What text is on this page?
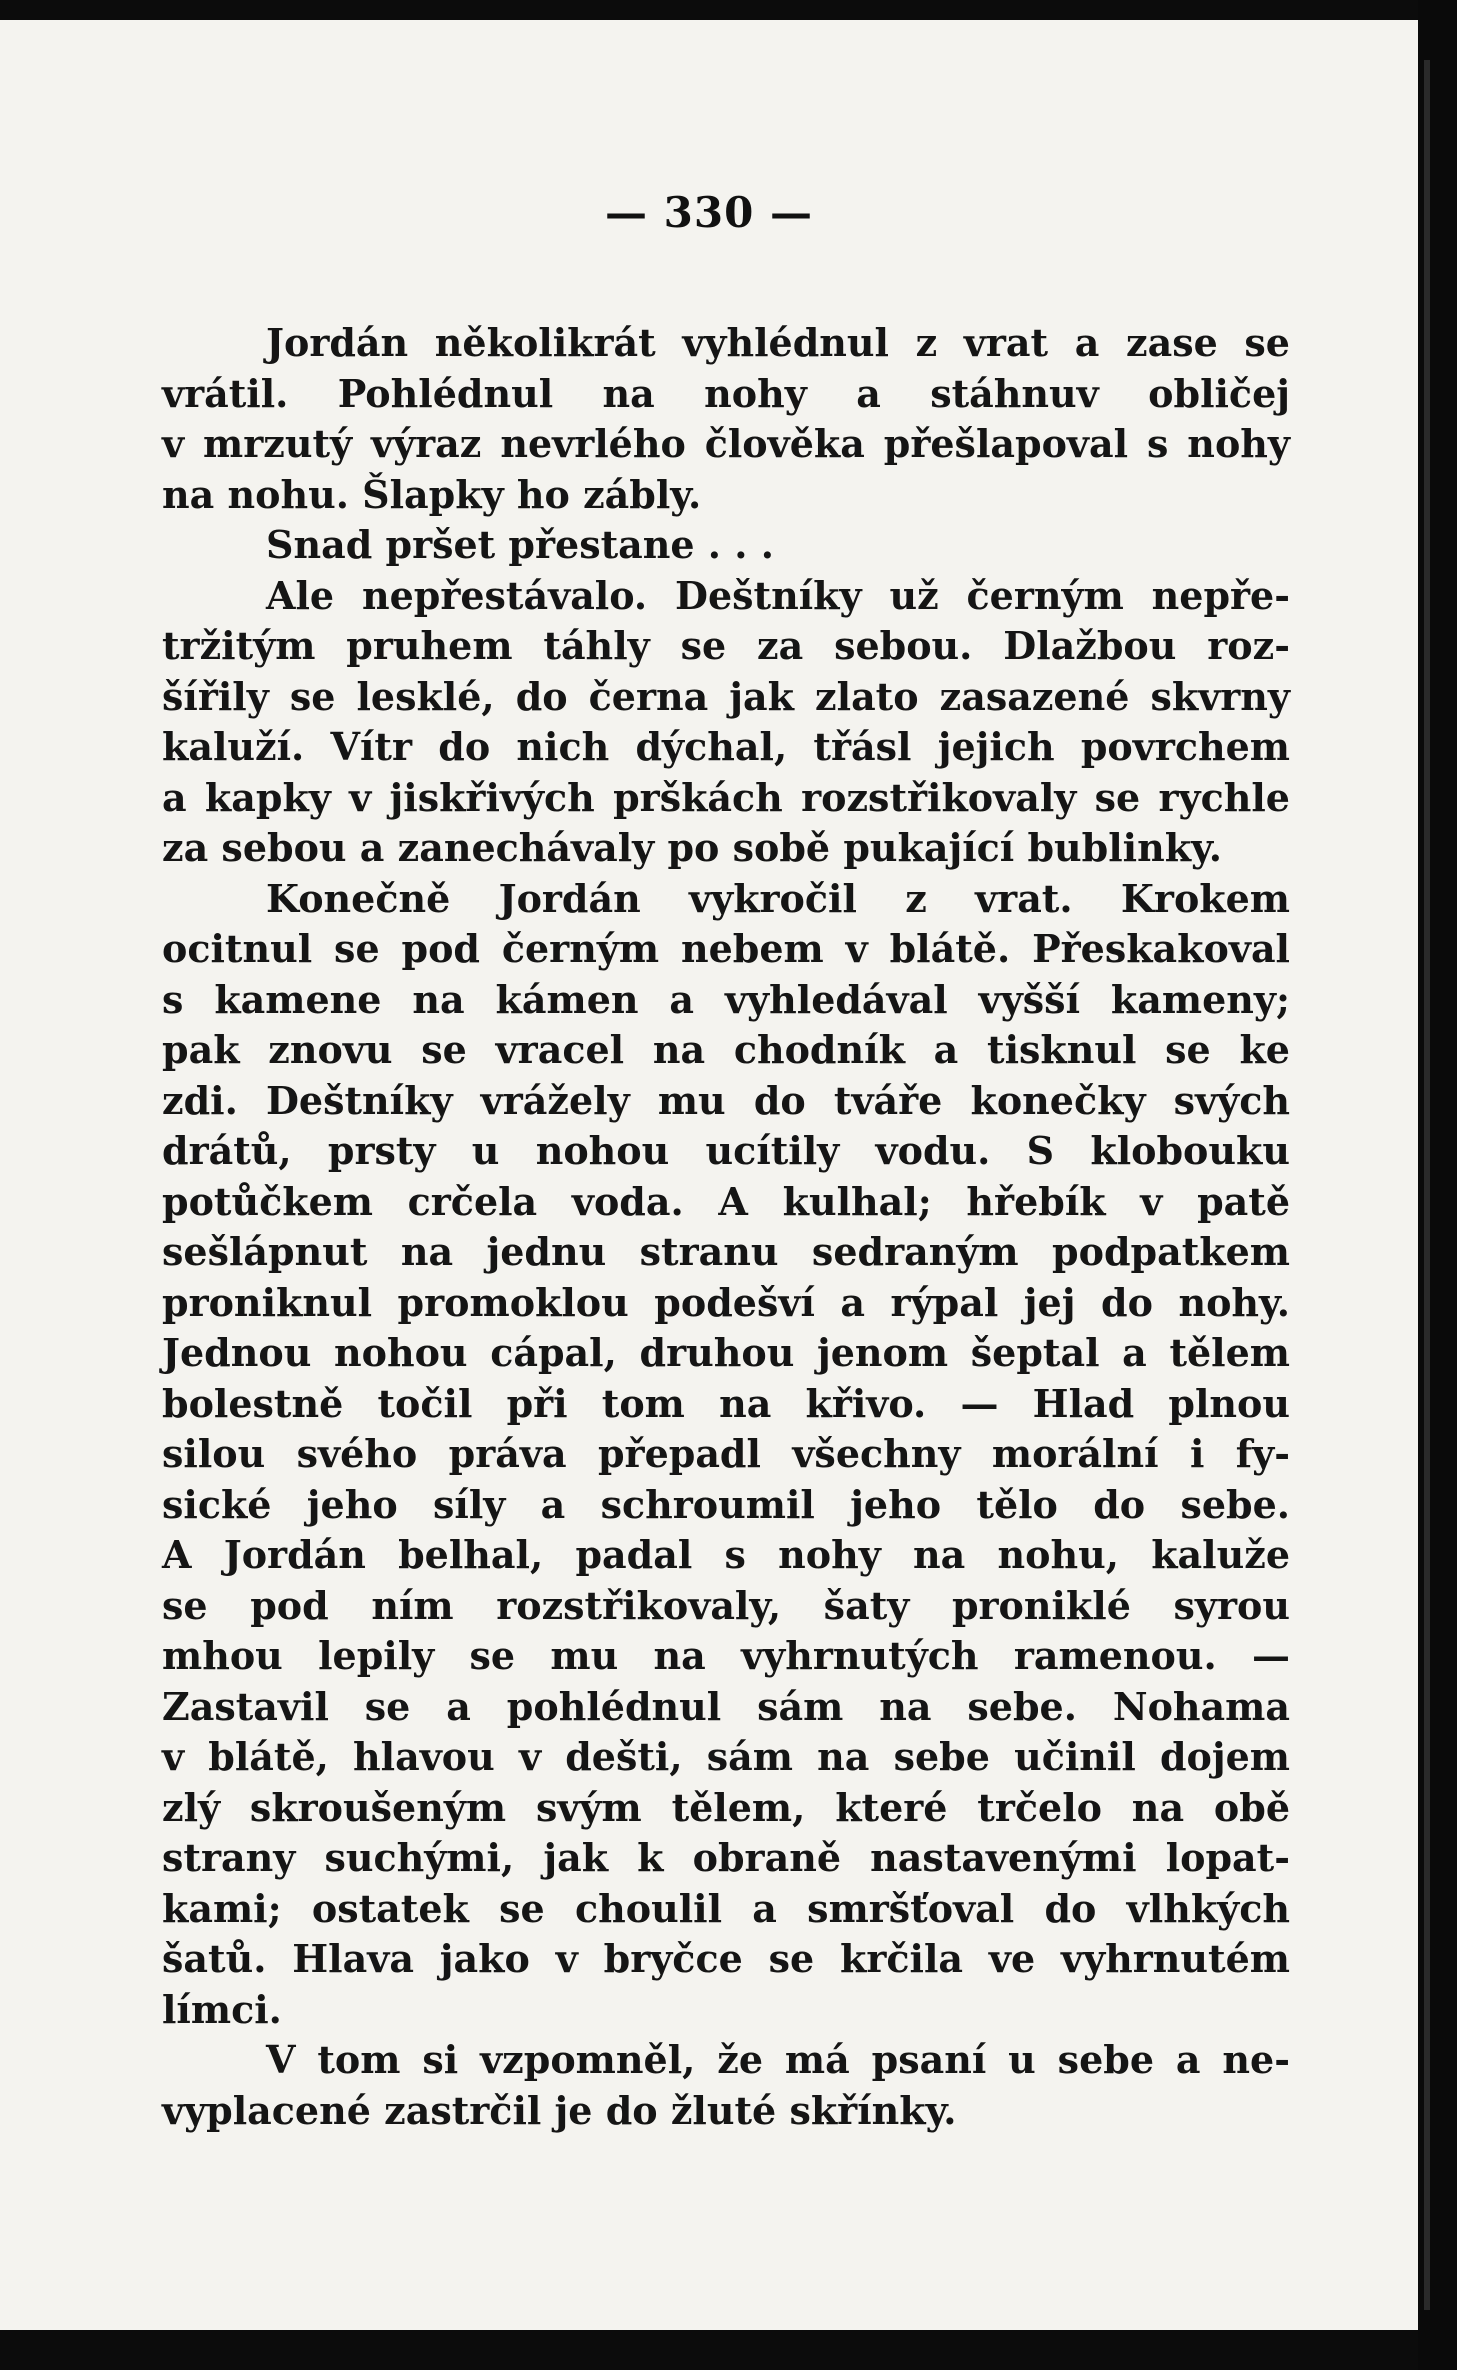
— 330 —
Jordán několikrát vyhlédnul z vrat a zase se
vrátil. Pohlédnul na nohy a stáhnuv obličej
v mrzutý výraz nevrlého člověka přešlapoval s nohy
na nohu. Šlapky ho zábly.
Snad pršet přestane . . .
Ale nepřestávalo. Deštníky už černým nepře-
tržitým pruhem táhly se za sebou. Dlažbou roz-
šířily se lesklé, do černa jak zlato zasazené skvrny
kaluží. Vítr do nich dýchal, třásl jejich povrchem
a kapky v jiskřivých prškách rozstřikovaly se rychle
za sebou a zanechávaly po sobě pukající bublinky.
Konečně Jordán vykročil z vrat. Krokem
ocitnul se pod černým nebem v blátě. Přeskakoval
s kamene na kámen a vyhledával vyšší kameny;
pak znovu se vracel na chodník a tisknul se ke
zdi. Deštníky vrážely mu do tváře konečky svých
drátů, prsty u nohou ucítily vodu. S klobouku
potůčkem crčela voda. A kulhal; hřebík v patě
sešlápnut na jednu stranu sedraným podpatkem
proniknul promoklou podešví a rýpal jej do nohy.
Jednou nohou cápal, druhou jenom šeptal a tělem
bolestně točil při tom na křivo. — Hlad plnou
silou svého práva přepadl všechny morální i fy-
sické jeho síly a schroumil jeho tělo do sebe.
A Jordán belhal, padal s nohy na nohu, kaluže
se pod ním rozstřikovaly, šaty proniklé syrou
mhou lepily se mu na vyhrnutých ramenou. —
Zastavil se a pohlédnul sám na sebe. Nohama
v blátě, hlavou v dešti, sám na sebe učinil dojem
zlý skroušeným svým tělem, které trčelo na obě
strany suchými, jak k obraně nastavenými lopat-
kami; ostatek se choulil a smršťoval do vlhkých
šatů. Hlava jako v bryčce se krčila ve vyhrnutém
límci.
V tom si vzpomněl, že má psaní u sebe a ne-
vyplacené zastrčil je do žluté skřínky.
